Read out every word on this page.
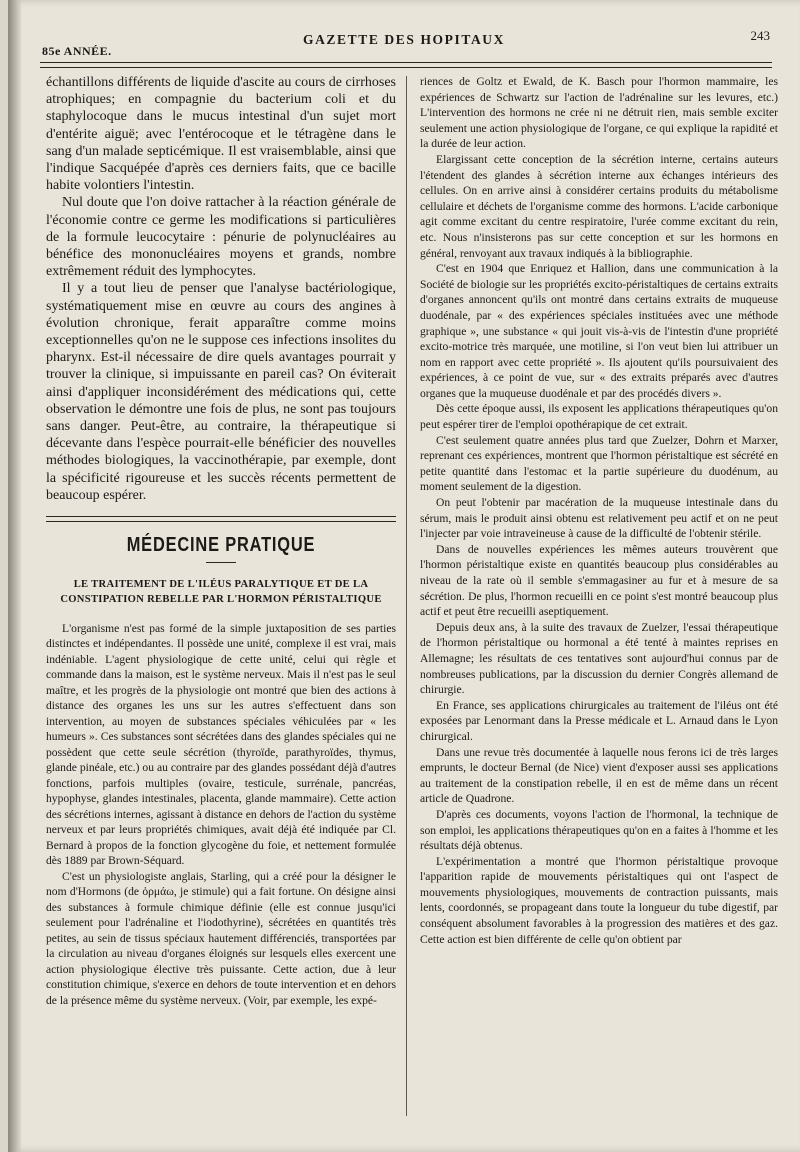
85e ANNÉE.
GAZETTE DES HOPITAUX	243

échantillons différents de liquide d'ascite au cours de cirrhoses atrophiques; en compagnie du bacterium coli et du staphylocoque dans le mucus intestinal d'un sujet mort d'entérite aiguë; avec l'entérocoque et le tétragène dans le sang d'un malade septicémique. Il est vraisemblable, ainsi que l'indique Sacquépée d'après ces derniers faits, que ce bacille habite volontiers l'intestin.

Nul doute que l'on doive rattacher à la réaction générale de l'économie contre ce germe les modifications si particulières de la formule leucocytaire : pénurie de polynucléaires au bénéfice des mononucléaires moyens et grands, nombre extrêmement réduit des lymphocytes.

Il y a tout lieu de penser que l'analyse bactériologique, systématiquement mise en œuvre au cours des angines à évolution chronique, ferait apparaître comme moins exceptionnelles qu'on ne le suppose ces infections insolites du pharynx. Est-il nécessaire de dire quels avantages pourrait y trouver la clinique, si impuissante en pareil cas? On éviterait ainsi d'appliquer inconsidérément des médications qui, cette observation le démontre une fois de plus, ne sont pas toujours sans danger. Peut-être, au contraire, la thérapeutique si décevante dans l'espèce pourrait-elle bénéficier des nouvelles méthodes biologiques, la vaccinothérapie, par exemple, dont la spécificité rigoureuse et les succès récents permettent de beaucoup espérer.

MÉDECINE PRATIQUE
LE TRAITEMENT DE L'ILÉUS PARALYTIQUE ET DE LA CONSTIPATION REBELLE PAR L'HORMON PÉRISTALTIQUE

L'organisme n'est pas formé de la simple juxtaposition de ses parties distinctes et indépendantes. Il possède une unité, complexe il est vrai, mais indéniable. L'agent physiologique de cette unité, celui qui règle et commande dans la maison, est le système nerveux. Mais il n'est pas le seul maître, et les progrès de la physiologie ont montré que bien des actions à distance des organes les uns sur les autres s'effectuent dans son intervention, au moyen de substances spéciales véhiculées par « les humeurs ». Ces substances sont sécrétées dans des glandes spéciales qui ne possèdent que cette seule sécrétion (thyroïde, parathyroïdes, thymus, glande pinéale, etc.) ou au contraire par des glandes possédant déjà d'autres fonctions, parfois multiples (ovaire, testicule, surrénale, pancréas, hypophyse, glandes intestinales, placenta, glande mammaire). Cette action des sécrétions internes, agissant à distance en dehors de l'action du système nerveux et par leurs propriétés chimiques, avait déjà été indiquée par Cl. Bernard à propos de la fonction glycogène du foie, et nettement formulée dès 1889 par Brown-Séquard.

C'est un physiologiste anglais, Starling, qui a créé pour la désigner le nom d'Hormons (de ὁρμάω, je stimule) qui a fait fortune. On désigne ainsi des substances à formule chimique définie (elle est connue jusqu'ici seulement pour l'adrénaline et l'iodothyrine), sécrétées en quantités très petites, au sein de tissus spéciaux hautement différenciés, transportées par la circulation au niveau d'organes éloignés sur lesquels elles exercent une action physiologique élective très puissante. Cette action, due à leur constitution chimique, s'exerce en dehors de toute intervention et en dehors de la présence même du système nerveux. (Voir, par exemple, les expé-

riences de Goltz et Ewald, de K. Basch pour l'hormon mammaire, les expériences de Schwartz sur l'action de l'adrénaline sur les levures, etc.) L'intervention des hormons ne crée ni ne détruit rien, mais semble exciter seulement une action physiologique de l'organe, ce qui explique la rapidité et la durée de leur action.

Elargissant cette conception de la sécrétion interne, certains auteurs l'étendent des glandes à sécrétion interne aux échanges intérieurs des cellules. On en arrive ainsi à considérer certains produits du métabolisme cellulaire et déchets de l'organisme comme des hormons. L'acide carbonique agit comme excitant du centre respiratoire, l'urée comme excitant du rein, etc. Nous n'insisterons pas sur cette conception et sur les hormons en général, renvoyant aux travaux indiqués à la bibliographie.

C'est en 1904 que Enriquez et Hallion, dans une communication à la Société de biologie sur les propriétés excito-péristaltiques de certains extraits d'organes annoncent qu'ils ont montré dans certains extraits de muqueuse duodénale, par « des expériences spéciales instituées avec une méthode graphique », une substance « qui jouit vis-à-vis de l'intestin d'une propriété excito-motrice très marquée, une motiline, si l'on veut bien lui attribuer un nom en rapport avec cette propriété ». Ils ajoutent qu'ils poursuivaient des expériences, à ce point de vue, sur « des extraits préparés avec d'autres organes que la muqueuse duodénale et par des procédés divers ».

Dès cette époque aussi, ils exposent les applications thérapeutiques qu'on peut espérer tirer de l'emploi opothérapique de cet extrait.

C'est seulement quatre années plus tard que Zuelzer, Dohrn et Marxer, reprenant ces expériences, montrent que l'hormon péristaltique est sécrété en petite quantité dans l'estomac et la partie supérieure du duodénum, au moment seulement de la digestion.

On peut l'obtenir par macération de la muqueuse intestinale dans du sérum, mais le produit ainsi obtenu est relativement peu actif et on ne peut l'injecter par voie intraveineuse à cause de la difficulté de l'obtenir stérile.

Dans de nouvelles expériences les mêmes auteurs trouvèrent que l'hormon péristaltique existe en quantités beaucoup plus considérables au niveau de la rate où il semble s'emmagasiner au fur et à mesure de sa sécrétion. De plus, l'hormon recueilli en ce point s'est montré beaucoup plus actif et peut être recueilli aseptiquement.

Depuis deux ans, à la suite des travaux de Zuelzer, l'essai thérapeutique de l'hormon péristaltique ou hormonal a été tenté à maintes reprises en Allemagne; les résultats de ces tentatives sont aujourd'hui connus par de nombreuses publications, par la discussion du dernier Congrès allemand de chirurgie.

En France, ses applications chirurgicales au traitement de l'iléus ont été exposées par Lenormant dans la Presse médicale et L. Arnaud dans le Lyon chirurgical.

Dans une revue très documentée à laquelle nous ferons ici de très larges emprunts, le docteur Bernal (de Nice) vient d'exposer aussi ses applications au traitement de la constipation rebelle, il en est de même dans un récent article de Quadrone.

D'après ces documents, voyons l'action de l'hormonal, la technique de son emploi, les applications thérapeutiques qu'on en a faites à l'homme et les résultats déjà obtenus.

L'expérimentation a montré que l'hormon péristaltique provoque l'apparition rapide de mouvements péristaltiques qui ont l'aspect de mouvements physiologiques, mouvements de contraction puissants, mais lents, coordonnés, se propageant dans toute la longueur du tube digestif, par conséquent absolument favorables à la progression des matières et des gaz. Cette action est bien différente de celle qu'on obtient par
